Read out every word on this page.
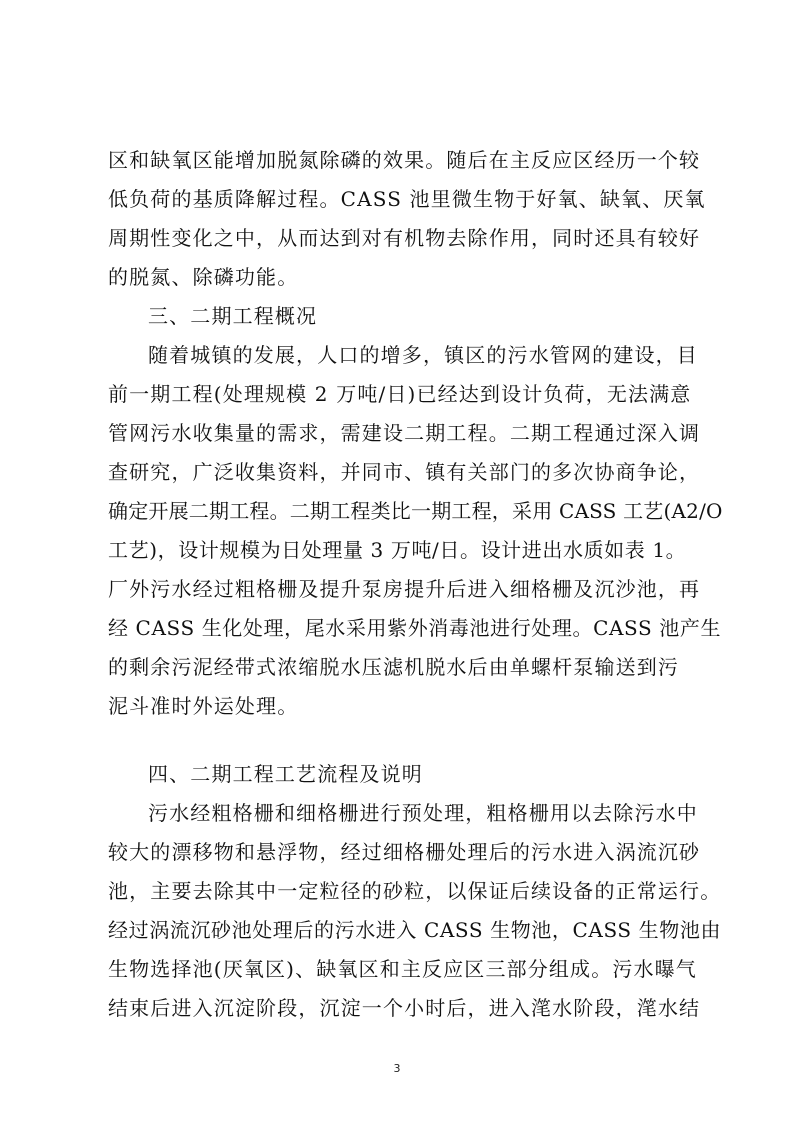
区和缺氧区能增加脱氮除磷的效果。随后在主反应区经历一个较
低负荷的基质降解过程。CASS 池里微生物于好氧、缺氧、厌氧
周期性变化之中，从而达到对有机物去除作用，同时还具有较好
的脱氮、除磷功能。
三、二期工程概况
随着城镇的发展，人口的增多，镇区的污水管网的建设，目
前一期工程(处理规模 2 万吨/日)已经达到设计负荷，无法满意
管网污水收集量的需求，需建设二期工程。二期工程通过深入调
查研究，广泛收集资料，并同市、镇有关部门的多次协商争论，
确定开展二期工程。二期工程类比一期工程，采用 CASS 工艺(A2/O
工艺)，设计规模为日处理量 3 万吨/日。设计进出水质如表 1。
厂外污水经过粗格栅及提升泵房提升后进入细格栅及沉沙池，再
经 CASS 生化处理，尾水采用紫外消毒池进行处理。CASS 池产生
的剩余污泥经带式浓缩脱水压滤机脱水后由单螺杆泵输送到污
泥斗准时外运处理。
四、二期工程工艺流程及说明
污水经粗格栅和细格栅进行预处理，粗格栅用以去除污水中
较大的漂移物和悬浮物，经过细格栅处理后的污水进入涡流沉砂
池，主要去除其中一定粒径的砂粒，以保证后续设备的正常运行。
经过涡流沉砂池处理后的污水进入 CASS 生物池，CASS 生物池由
生物选择池(厌氧区)、缺氧区和主反应区三部分组成。污水曝气
结束后进入沉淀阶段，沉淀一个小时后，进入滗水阶段，滗水结
3
